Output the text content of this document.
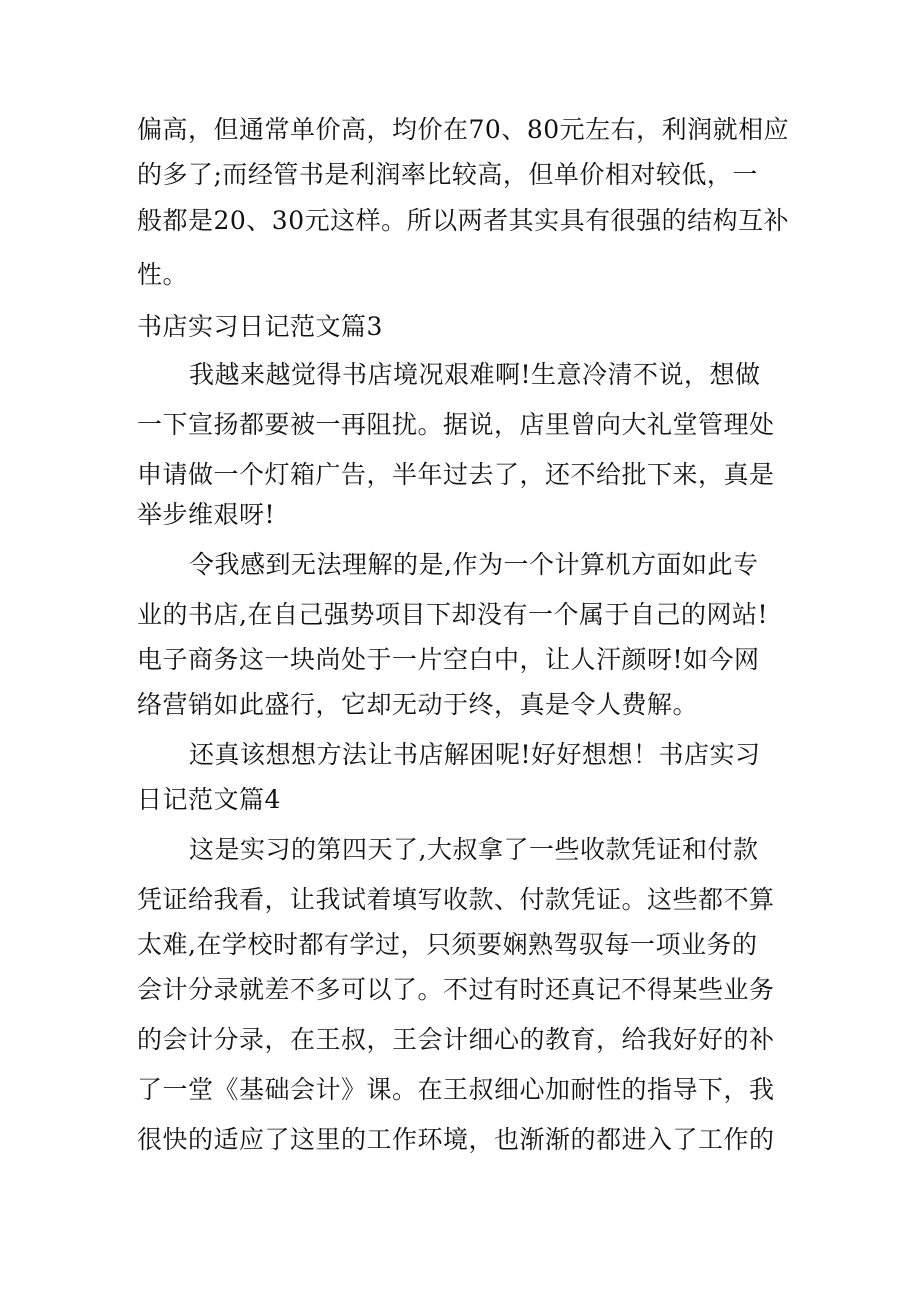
偏高，但通常单价高，均价在70、80元左右，利润就相应
的多了;而经管书是利润率比较高，但单价相对较低，一
般都是20、30元这样。所以两者其实具有很强的结构互补
性。
书店实习日记范文篇3
我越来越觉得书店境况艰难啊!生意冷清不说，想做
一下宣扬都要被一再阻扰。据说，店里曾向大礼堂管理处
申请做一个灯箱广告，半年过去了，还不给批下来，真是
举步维艰呀!
令我感到无法理解的是,作为一个计算机方面如此专
业的书店,在自己强势项目下却没有一个属于自己的网站!
电子商务这一块尚处于一片空白中，让人汗颜呀!如今网
络营销如此盛行，它却无动于终，真是令人费解。
还真该想想方法让书店解困呢!好好想想！书店实习
日记范文篇4
这是实习的第四天了,大叔拿了一些收款凭证和付款
凭证给我看，让我试着填写收款、付款凭证。这些都不算
太难,在学校时都有学过，只须要娴熟驾驭每一项业务的
会计分录就差不多可以了。不过有时还真记不得某些业务
的会计分录，在王叔，王会计细心的教育，给我好好的补
了一堂《基础会计》课。在王叔细心加耐性的指导下，我
很快的适应了这里的工作环境，也渐渐的都进入了工作的
